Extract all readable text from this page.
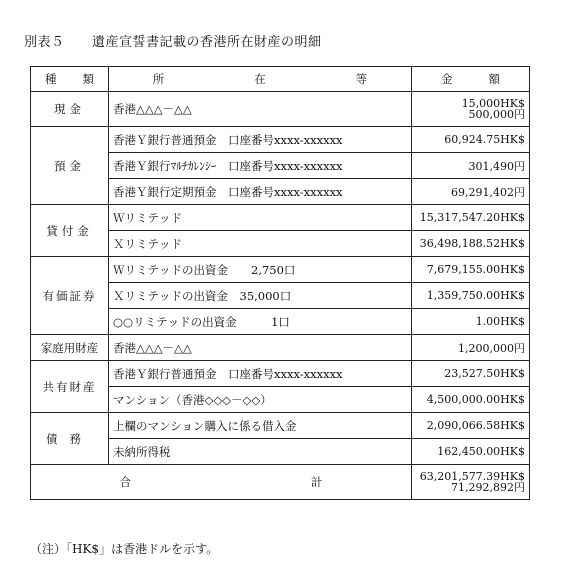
別表５ 遺産宣誓書記載の香港所在財産の明細
種 類	所 在 等	金 額
現金	香港△△△－△△	15,000HK$
500,000円

預金	香港Ｙ銀行普通預金　口座番号xxxx-xxxxxx	60,924.75HK$
	香港Ｙ銀行ﾏﾙﾁｶﾚﾝｼｰ　口座番号xxxx-xxxxxx	301,490円
	香港Ｙ銀行定期預金　口座番号xxxx-xxxxxx	69,291,402円
貸付金	Ｗリミテッド	15,317,547.20HK$
	Ｘリミテッド	36,498,188.52HK$
有価証券	Ｗリミテッドの出資金　　2,750口	7,679,155.00HK$
	Ｘリミテッドの出資金　35,000口	1,359,750.00HK$
	○○リミテッドの出資金　　　1口	1.00HK$
家庭用財産	香港△△△－△△	1,200,000円
共有財産	香港Ｙ銀行普通預金　口座番号xxxx-xxxxxx	23,527.50HK$
	マンション（香港◇◇◇－◇◇）	4,500,000.00HK$
債務	上欄のマンション購入に係る借入金	2,090,066.58HK$
	未納所得税	162,450.00HK$
合 計		63,201,577.39HK$
71,292,892円
（注）「HK$」は香港ドルを示す。
